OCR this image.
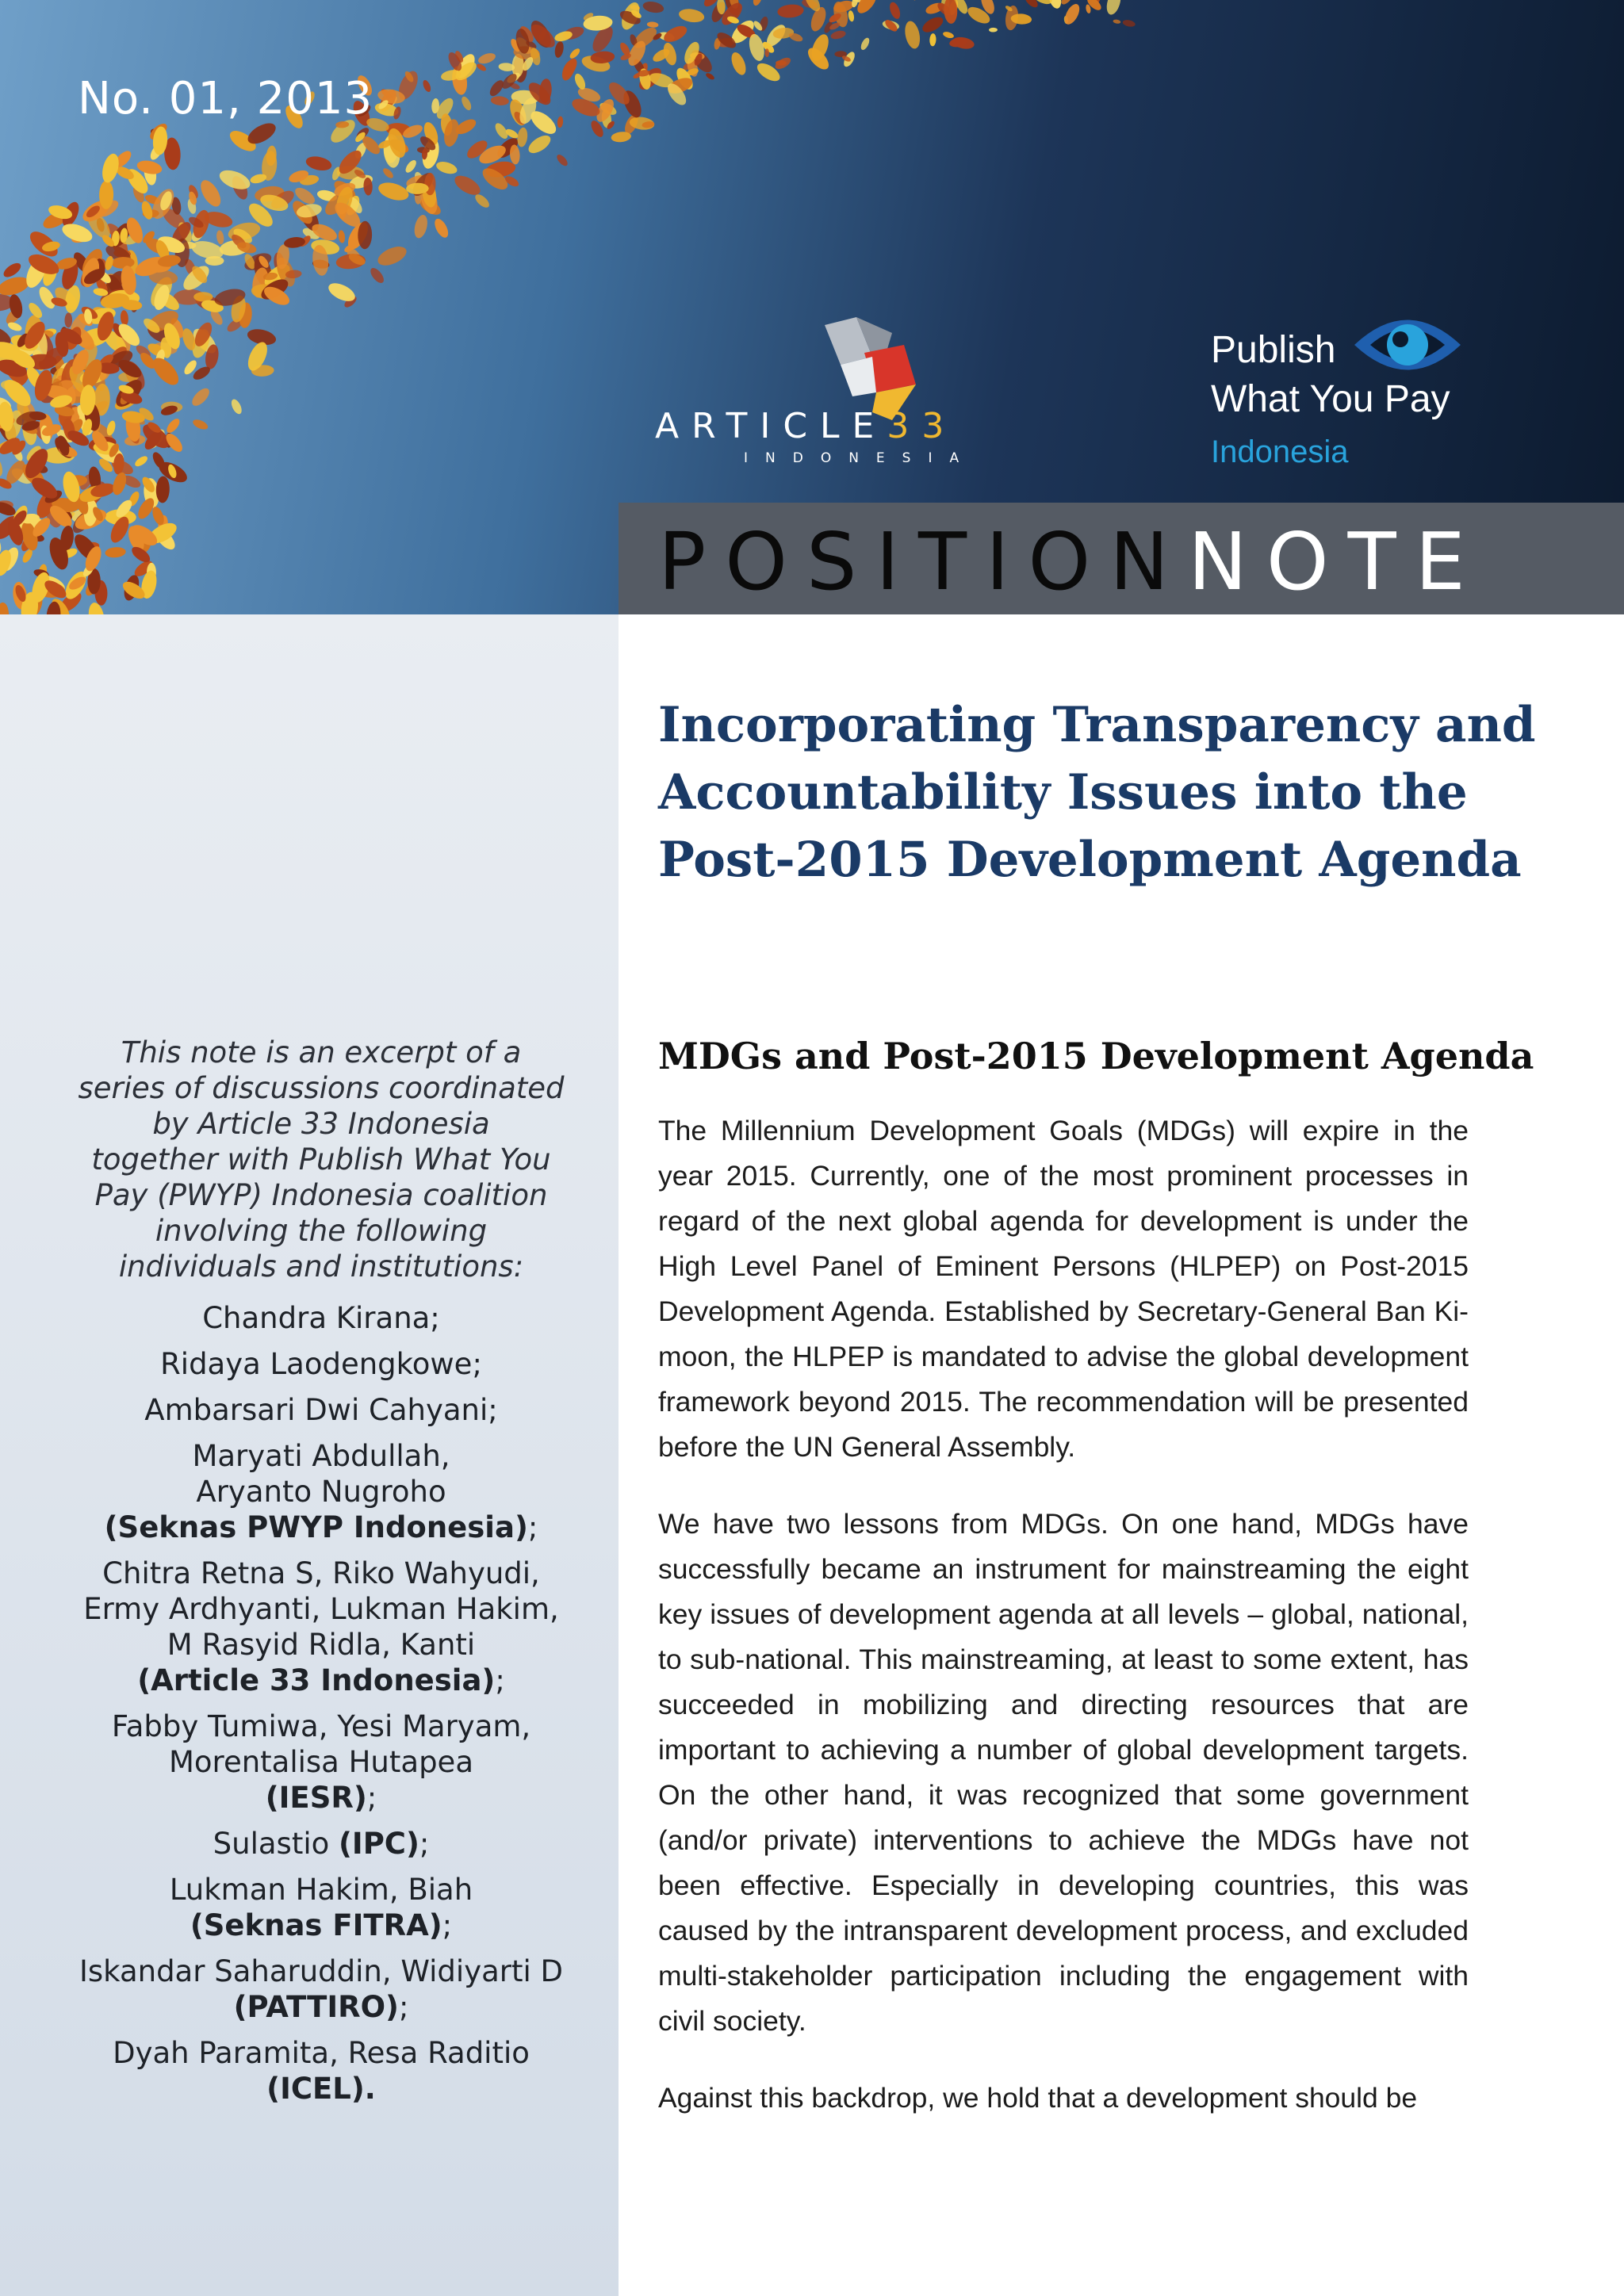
No. 01, 2013
ARTICLE33
INDONESIA
Publish
What You Pay
Indonesia
POSITIONNOTE
This note is an excerpt of a
series of discussions coordinated
by Article 33 Indonesia
together with Publish What You
Pay (PWYP) Indonesia coalition
involving the following
individuals and institutions:
Chandra Kirana;
Ridaya Laodengkowe;
Ambarsari Dwi Cahyani;
Maryati Abdullah,
Aryanto Nugroho
(Seknas PWYP Indonesia);
Chitra Retna S, Riko Wahyudi,
Ermy Ardhyanti, Lukman Hakim,
M Rasyid Ridla, Kanti
(Article 33 Indonesia);
Fabby Tumiwa, Yesi Maryam,
Morentalisa Hutapea
(IESR);
Sulastio (IPC);
Lukman Hakim, Biah
(Seknas FITRA);
Iskandar Saharuddin, Widiyarti D
(PATTIRO);
Dyah Paramita, Resa Raditio
(ICEL).
Incorporating Transparency and
Accountability Issues into the
Post-2015 Development Agenda
MDGs and Post-2015 Development Agenda

The Millennium Development Goals (MDGs) will expire in the year 2015. Currently, one of the most prominent processes in regard of the next global agenda for development is under the High Level Panel of Eminent Persons (HLPEP) on Post-2015 Development Agenda. Established by Secretary-General Ban Ki-moon, the HLPEP is mandated to advise the global development framework beyond 2015. The recommendation will be presented before the UN General Assembly.

We have two lessons from MDGs. On one hand, MDGs have successfully became an instrument for mainstreaming the eight key issues of development agenda at all levels – global, national, to sub-national. This mainstreaming, at least to some extent, has succeeded in mobilizing and directing resources that are important to achieving a number of global development targets. On the other hand, it was recognized that some government (and/or private) interventions to achieve the MDGs have not been effective. Especially in developing countries, this was caused by the intransparent development process, and excluded multi-stakeholder participation including the engagement with civil society.

Against this backdrop, we hold that a development should be
